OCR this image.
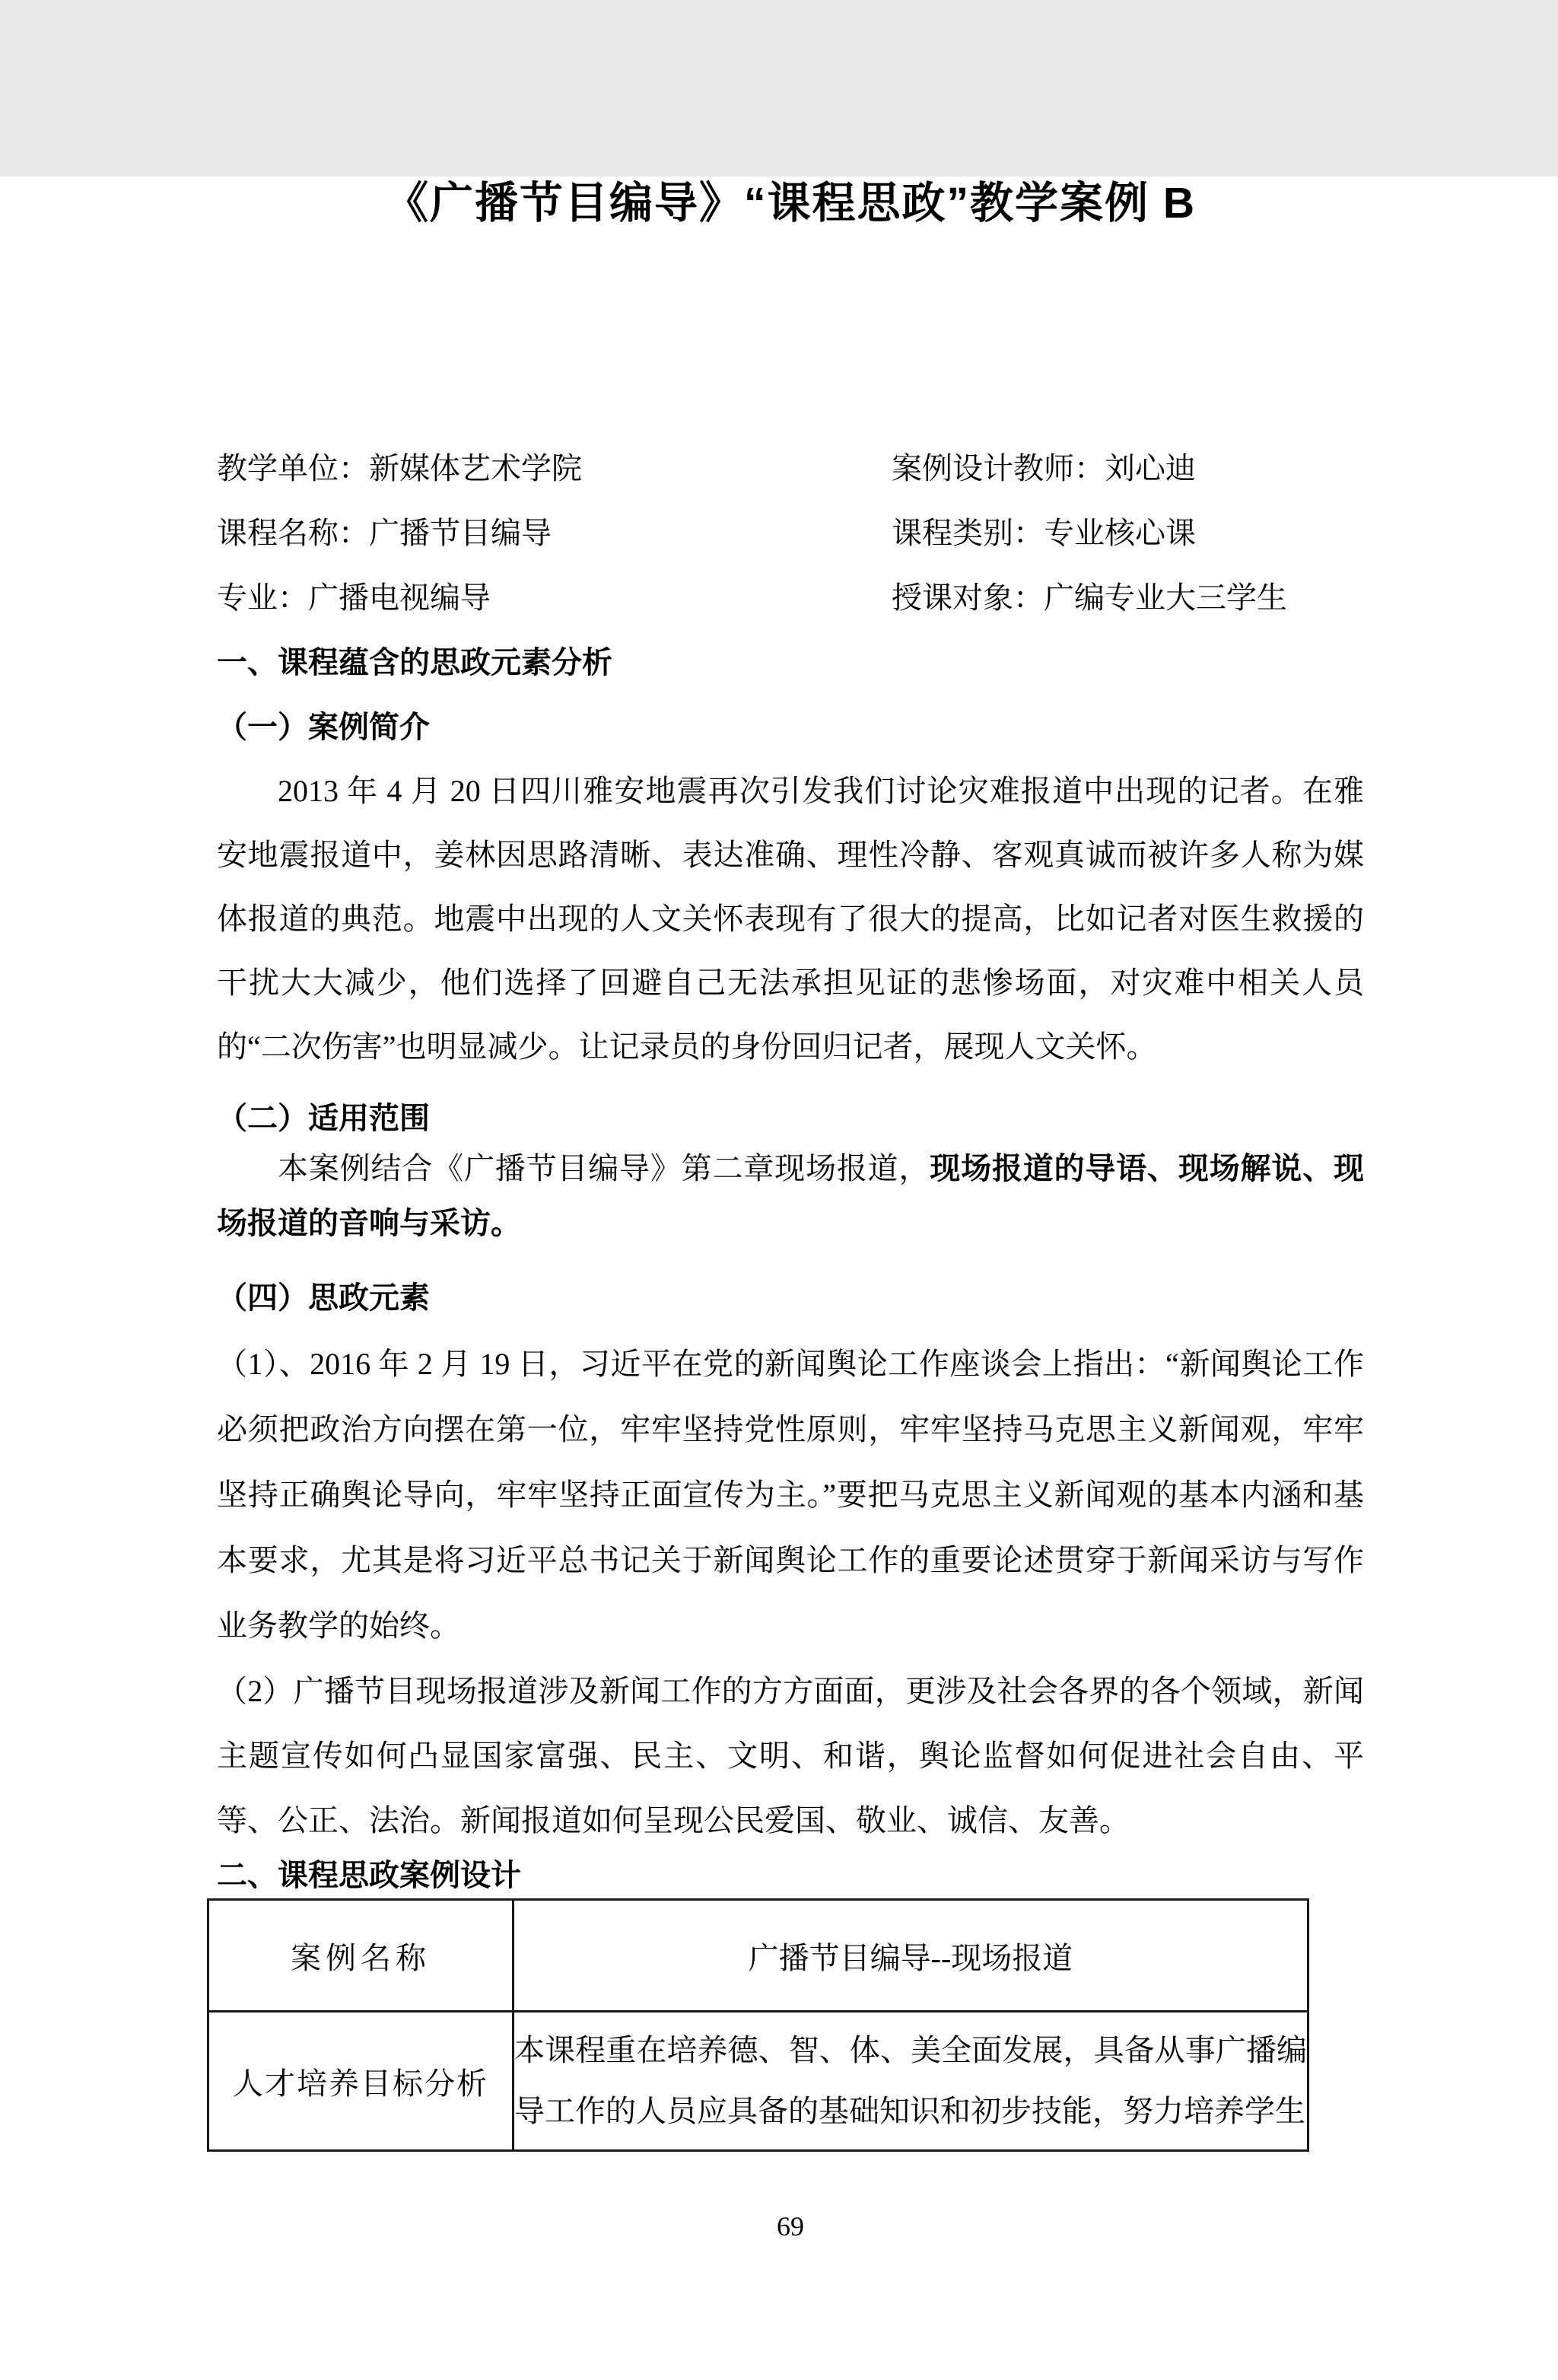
《广播节目编导》“课程思政”教学案例 B
教学单位：新媒体艺术学院	案例设计教师：刘心迪
课程名称：广播节目编导	课程类别：专业核心课
专业：广播电视编导	授课对象：广编专业大三学生
一、课程蕴含的思政元素分析
（一）案例简介

2013 年 4 月 20 日四川雅安地震再次引发我们讨论灾难报道中出现的记者。在雅安地震报道中，姜林因思路清晰、表达准确、理性冷静、客观真诚而被许多人称为媒体报道的典范。地震中出现的人文关怀表现有了很大的提高，比如记者对医生救援的干扰大大减少，他们选择了回避自己无法承担见证的悲惨场面，对灾难中相关人员的“二次伤害”也明显减少。让记录员的身份回归记者，展现人文关怀。

（二）适用范围

本案例结合《广播节目编导》第二章现场报道，现场报道的导语、现场解说、现场报道的音响与采访。

（四）思政元素

（1）、2016 年 2 月 19 日，习近平在党的新闻舆论工作座谈会上指出：“新闻舆论工作必须把政治方向摆在第一位，牢牢坚持党性原则，牢牢坚持马克思主义新闻观，牢牢坚持正确舆论导向，牢牢坚持正面宣传为主。”要把马克思主义新闻观的基本内涵和基本要求，尤其是将习近平总书记关于新闻舆论工作的重要论述贯穿于新闻采访与写作业务教学的始终。

（2）广播节目现场报道涉及新闻工作的方方面面，更涉及社会各界的各个领域，新闻主题宣传如何凸显国家富强、民主、文明、和谐，舆论监督如何促进社会自由、平等、公正、法治。新闻报道如何呈现公民爱国、敬业、诚信、友善。

二、课程思政案例设计
案例名称	广播节目编导--现场报道
人才培养目标分析	本课程重在培养德、智、体、美全面发展，具备从事广播编导工作的人员应具备的基础知识和初步技能，努力培养学生
69
